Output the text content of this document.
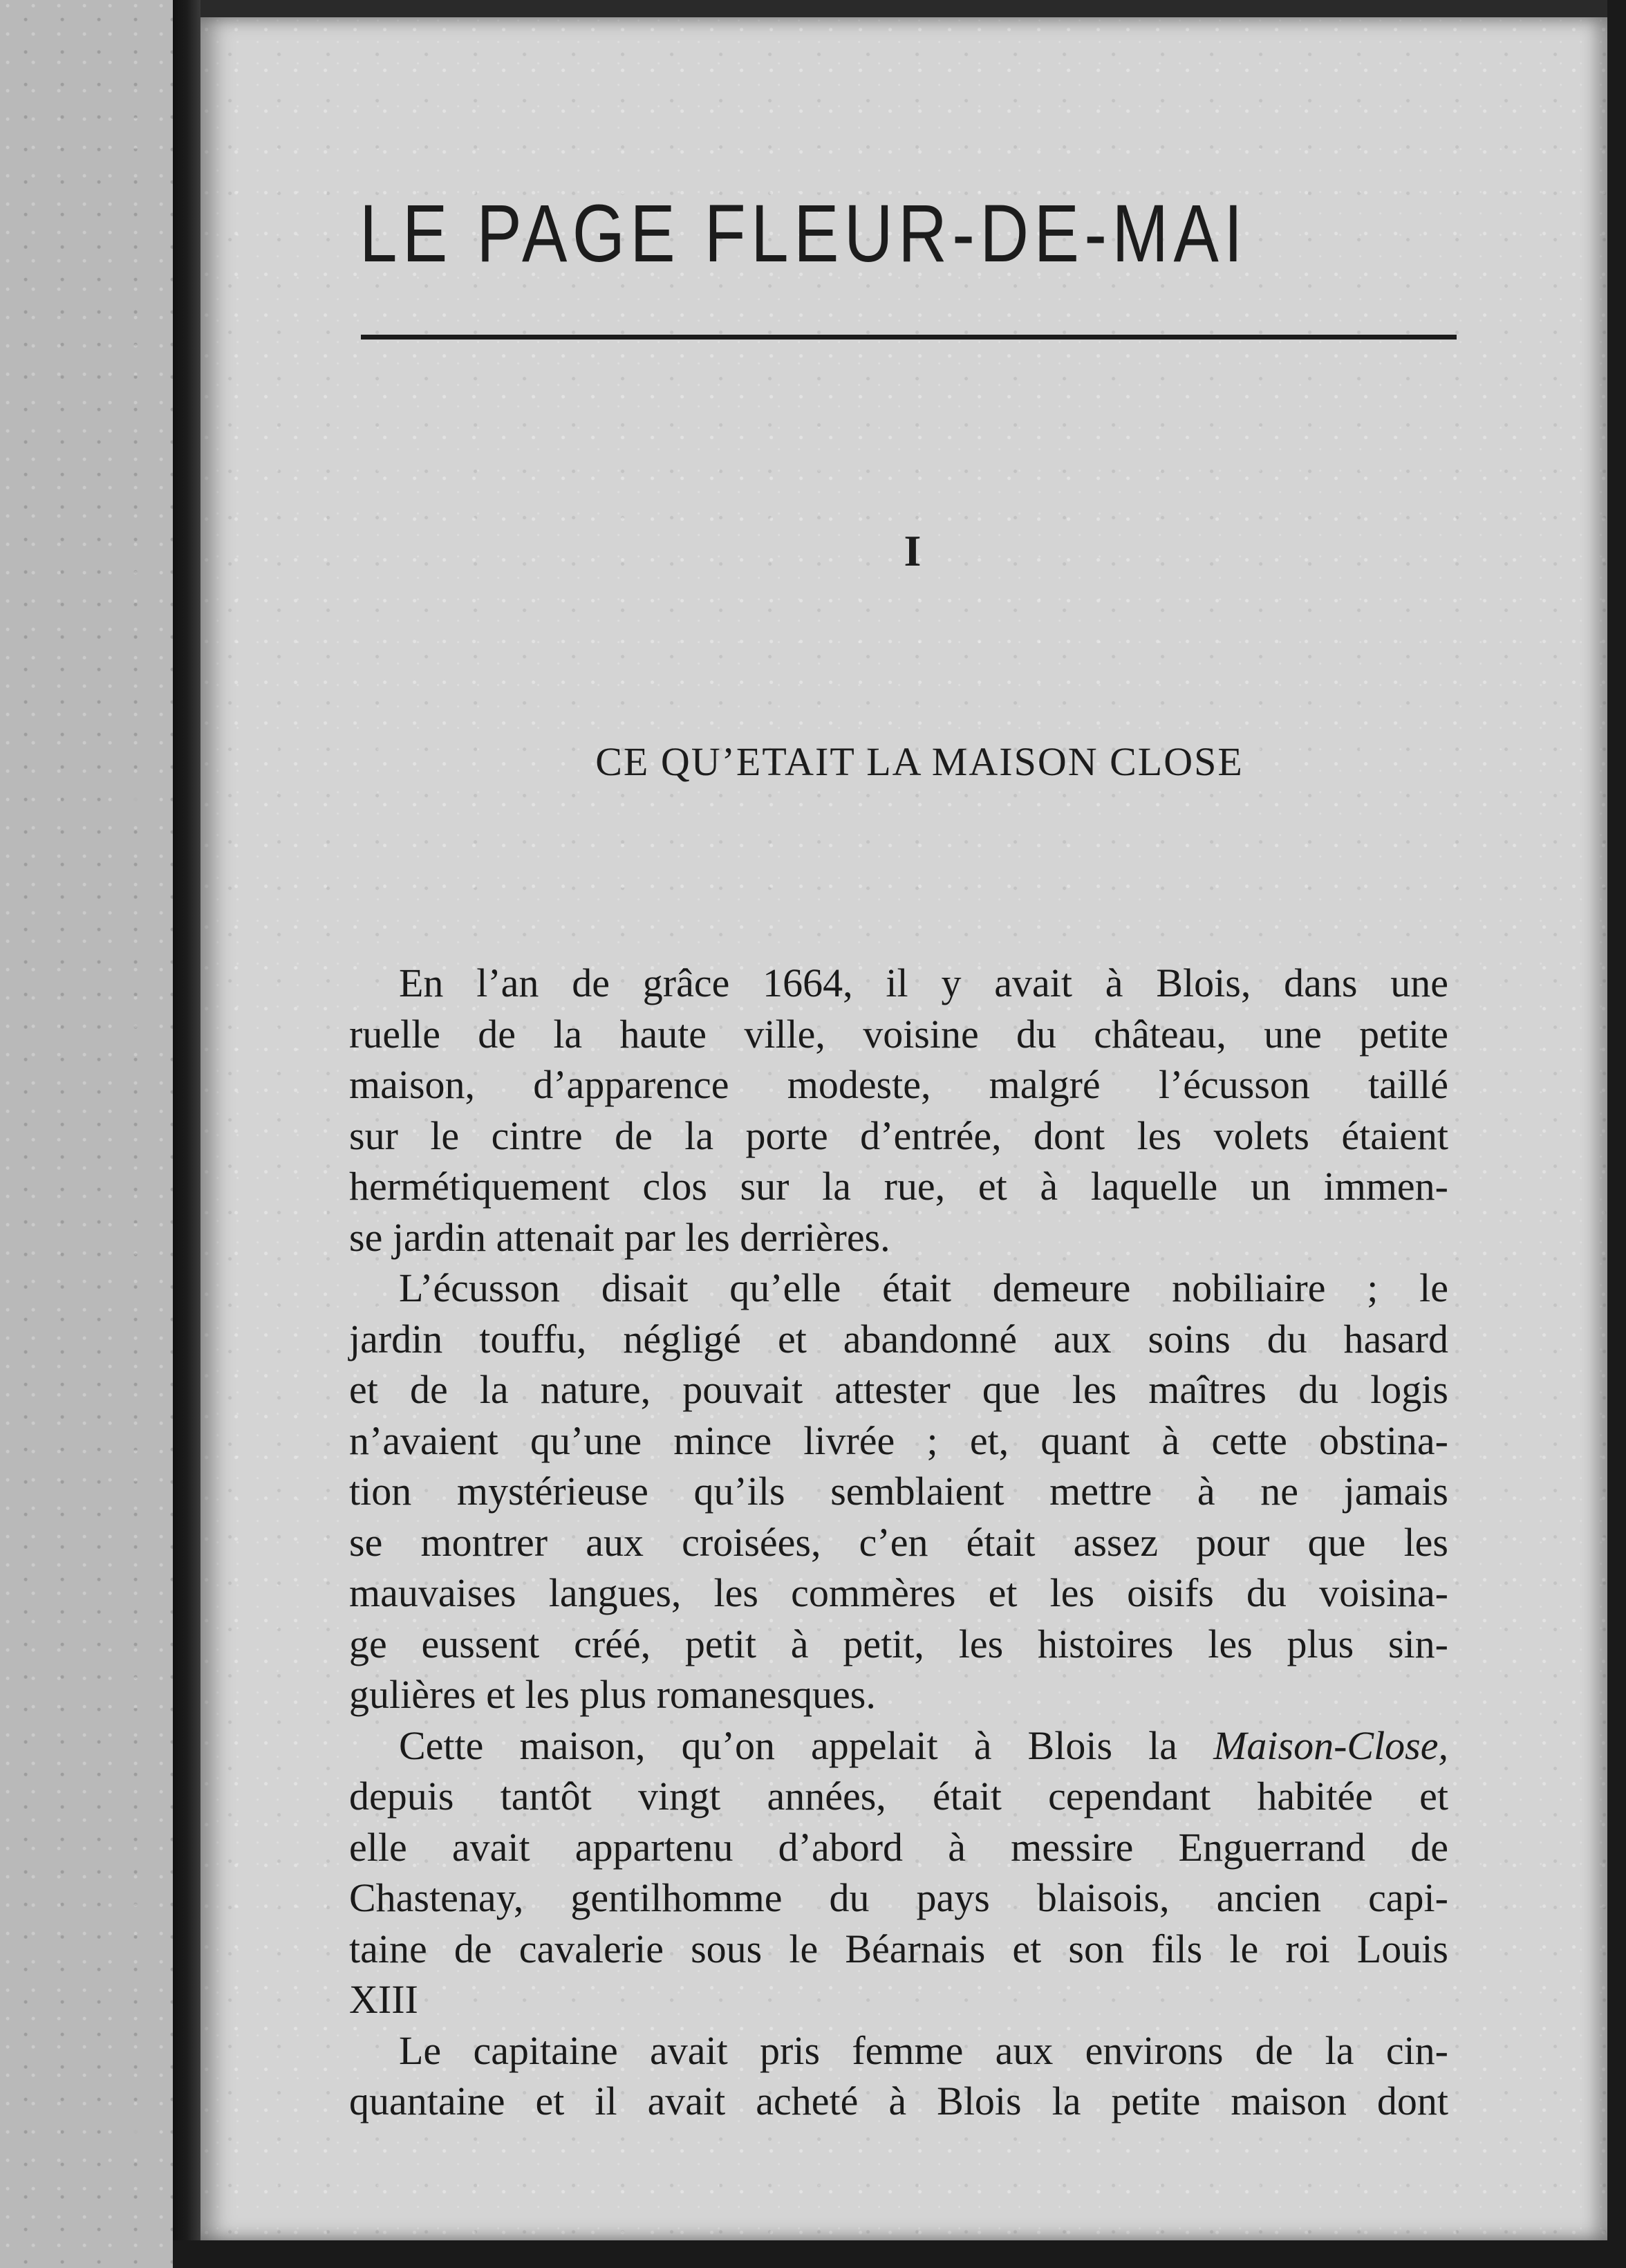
LE PAGE FLEUR-DE-MAI
I
CE QU’ETAIT LA MAISON CLOSE
En l’an de grâce 1664, il y avait à Blois, dans une
ruelle de la haute ville, voisine du château, une petite
maison, d’apparence modeste, malgré l’écusson taillé
sur le cintre de la porte d’entrée, dont les volets étaient
hermétiquement clos sur la rue, et à laquelle un immen-
se jardin attenait par les derrières.
L’écusson disait qu’elle était demeure nobiliaire ; le
jardin touffu, négligé et abandonné aux soins du hasard
et de la nature, pouvait attester que les maîtres du logis
n’avaient qu’une mince livrée ; et, quant à cette obstina-
tion mystérieuse qu’ils semblaient mettre à ne jamais
se montrer aux croisées, c’en était assez pour que les
mauvaises langues, les commères et les oisifs du voisina-
ge eussent créé, petit à petit, les histoires les plus sin-
gulières et les plus romanesques.
Cette maison, qu’on appelait à Blois la Maison-Close,
depuis tantôt vingt années, était cependant habitée et
elle avait appartenu d’abord à messire Enguerrand de
Chastenay, gentilhomme du pays blaisois, ancien capi-
taine de cavalerie sous le Béarnais et son fils le roi Louis
XIII
Le capitaine avait pris femme aux environs de la cin-
quantaine et il avait acheté à Blois la petite maison dont
